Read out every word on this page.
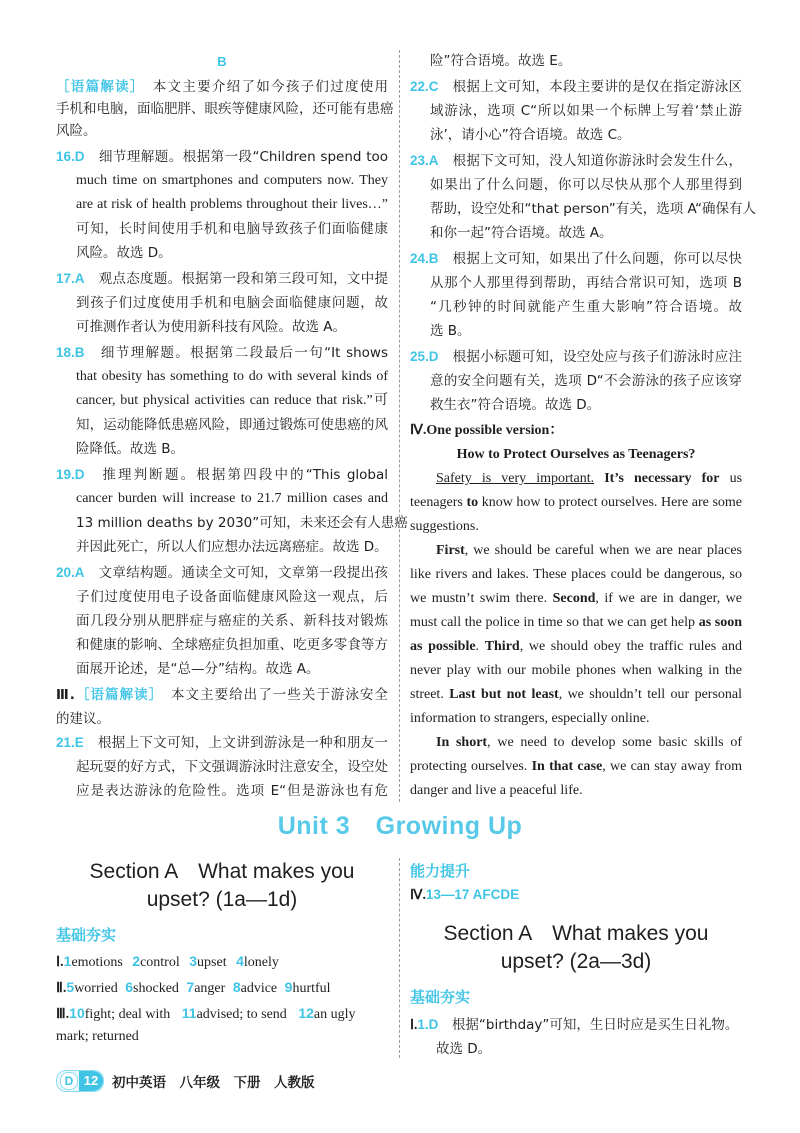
B
［语篇解读］　 本文主要介绍了如今孩子们过度使用
手机和电脑，面临肥胖、眼疾等健康风险，还可能有患癌
风险。
16.D　 细节理解题。根据第一段“Children spend too
much time on smartphones and computers now. They
are at risk of health problems throughout their lives…”
可知，长时间使用手机和电脑导致孩子们面临健康
风险。故选 D。
17.A　 观点态度题。根据第一段和第三段可知，文中提
到孩子们过度使用手机和电脑会面临健康问题，故
可推测作者认为使用新科技有风险。故选 A。
18.B　 细节理解题。根据第二段最后一句“It shows
that obesity has something to do with several kinds of
cancer, but physical activities can reduce that risk.”可
知，运动能降低患癌风险，即通过锻炼可使患癌的风
险降低。故选 B。
19.D　 推理判断题。根据第四段中的“This global
cancer burden will increase to 21.7 million cases and
13 million deaths by 2030”可知，未来还会有人患癌
并因此死亡，所以人们应想办法远离癌症。故选 D。
20.A　 文章结构题。通读全文可知，文章第一段提出孩
子们过度使用电子设备面临健康风险这一观点，后
面几段分别从肥胖症与癌症的关系、新科技对锻炼
和健康的影响、全球癌症负担加重、吃更多零食等方
面展开论述，是“总—分”结构。故选 A。
Ⅲ.［语篇解读］　 本文主要给出了一些关于游泳安全
的建议。
21.E　 根据上下文可知，上文讲到游泳是一种和朋友一
起玩耍的好方式，下文强调游泳时注意安全，设空处
应是表达游泳的危险性。选项 E“但是游泳也有危
险”符合语境。故选 E。
22.C　 根据上文可知，本段主要讲的是仅在指定游泳区
域游泳，选项 C“所以如果一个标牌上写着‘禁止游
泳’，请小心”符合语境。故选 C。
23.A　 根据下文可知，没人知道你游泳时会发生什么，
如果出了什么问题，你可以尽快从那个人那里得到
帮助，设空处和“that person”有关，选项 A“确保有人
和你一起”符合语境。故选 A。
24.B　 根据上文可知，如果出了什么问题，你可以尽快
从那个人那里得到帮助，再结合常识可知，选项 B
“几秒钟的时间就能产生重大影响”符合语境。故
选 B。
25.D　 根据小标题可知，设空处应与孩子们游泳时应注
意的安全问题有关，选项 D“不会游泳的孩子应该穿
救生衣”符合语境。故选 D。
Ⅳ.One possible version：
How to Protect Ourselves as Teenagers?
Safety is very important. It’s necessary for us
teenagers to know how to protect ourselves. Here are some
suggestions.
First, we should be careful when we are near places
like rivers and lakes. These places could be dangerous, so
we mustn’t swim there. Second, if we are in danger, we
must call the police in time so that we can get help as soon
as possible. Third, we should obey the traffic rules and
never play with our mobile phones when walking in the
street. Last but not least, we shouldn’t tell our personal
information to strangers, especially online.
In short, we need to develop some basic skills of
protecting ourselves. In that case, we can stay away from
danger and live a peaceful life.
Unit 3　Growing Up
Section A　What makes you
upset? (1a—1d)
基础夯实
Ⅰ.1emotions 2control 3upset 4lonely
Ⅱ.5worried 6shocked 7anger 8advice 9hurtful
Ⅲ.10fight; deal with 11advised; to send 12an ugly
mark; returned
能力提升
Ⅳ.13—17 AFCDE
Section A　What makes you
upset? (2a—3d)
基础夯实
Ⅰ.1.D　 根据“birthday”可知，生日时应是买生日礼物。
故选 D。
D 12	初中英语　八年级　下册　人教版
